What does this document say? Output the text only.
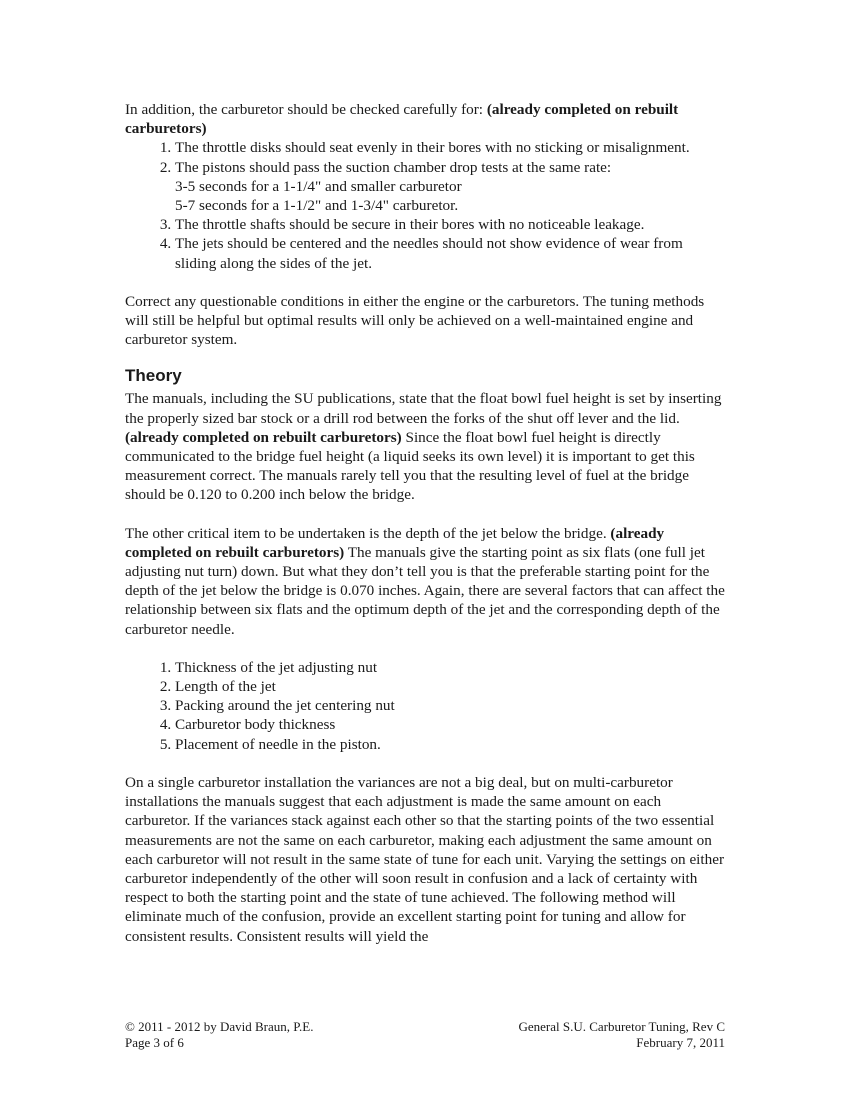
In addition, the carburetor should be checked carefully for: (already completed on rebuilt carburetors)

1. The throttle disks should seat evenly in their bores with no sticking or misalignment.
2. The pistons should pass the suction chamber drop tests at the same rate:
3-5 seconds for a 1-1/4" and smaller carburetor
5-7 seconds for a 1-1/2" and 1-3/4" carburetor.
3. The throttle shafts should be secure in their bores with no noticeable leakage.
4. The jets should be centered and the needles should not show evidence of wear from sliding along the sides of the jet.

Correct any questionable conditions in either the engine or the carburetors. The tuning methods will still be helpful but optimal results will only be achieved on a well-maintained engine and carburetor system.

Theory

The manuals, including the SU publications, state that the float bowl fuel height is set by inserting the properly sized bar stock or a drill rod between the forks of the shut off lever and the lid. (already completed on rebuilt carburetors) Since the float bowl fuel height is directly communicated to the bridge fuel height (a liquid seeks its own level) it is important to get this measurement correct. The manuals rarely tell you that the resulting level of fuel at the bridge should be 0.120 to 0.200 inch below the bridge.

The other critical item to be undertaken is the depth of the jet below the bridge. (already completed on rebuilt carburetors) The manuals give the starting point as six flats (one full jet adjusting nut turn) down. But what they don’t tell you is that the preferable starting point for the depth of the jet below the bridge is 0.070 inches. Again, there are several factors that can affect the relationship between six flats and the optimum depth of the jet and the corresponding depth of the carburetor needle.

1. Thickness of the jet adjusting nut
2. Length of the jet
3. Packing around the jet centering nut
4. Carburetor body thickness
5. Placement of needle in the piston.

On a single carburetor installation the variances are not a big deal, but on multi-carburetor installations the manuals suggest that each adjustment is made the same amount on each carburetor. If the variances stack against each other so that the starting points of the two essential measurements are not the same on each carburetor, making each adjustment the same amount on each carburetor will not result in the same state of tune for each unit. Varying the settings on either carburetor independently of the other will soon result in confusion and a lack of certainty with respect to both the starting point and the state of tune achieved. The following method will eliminate much of the confusion, provide an excellent starting point for tuning and allow for consistent results. Consistent results will yield the

© 2011 - 2012 by David Braun, P.E.
Page 3 of 6
General S.U. Carburetor Tuning, Rev C
February 7, 2011
